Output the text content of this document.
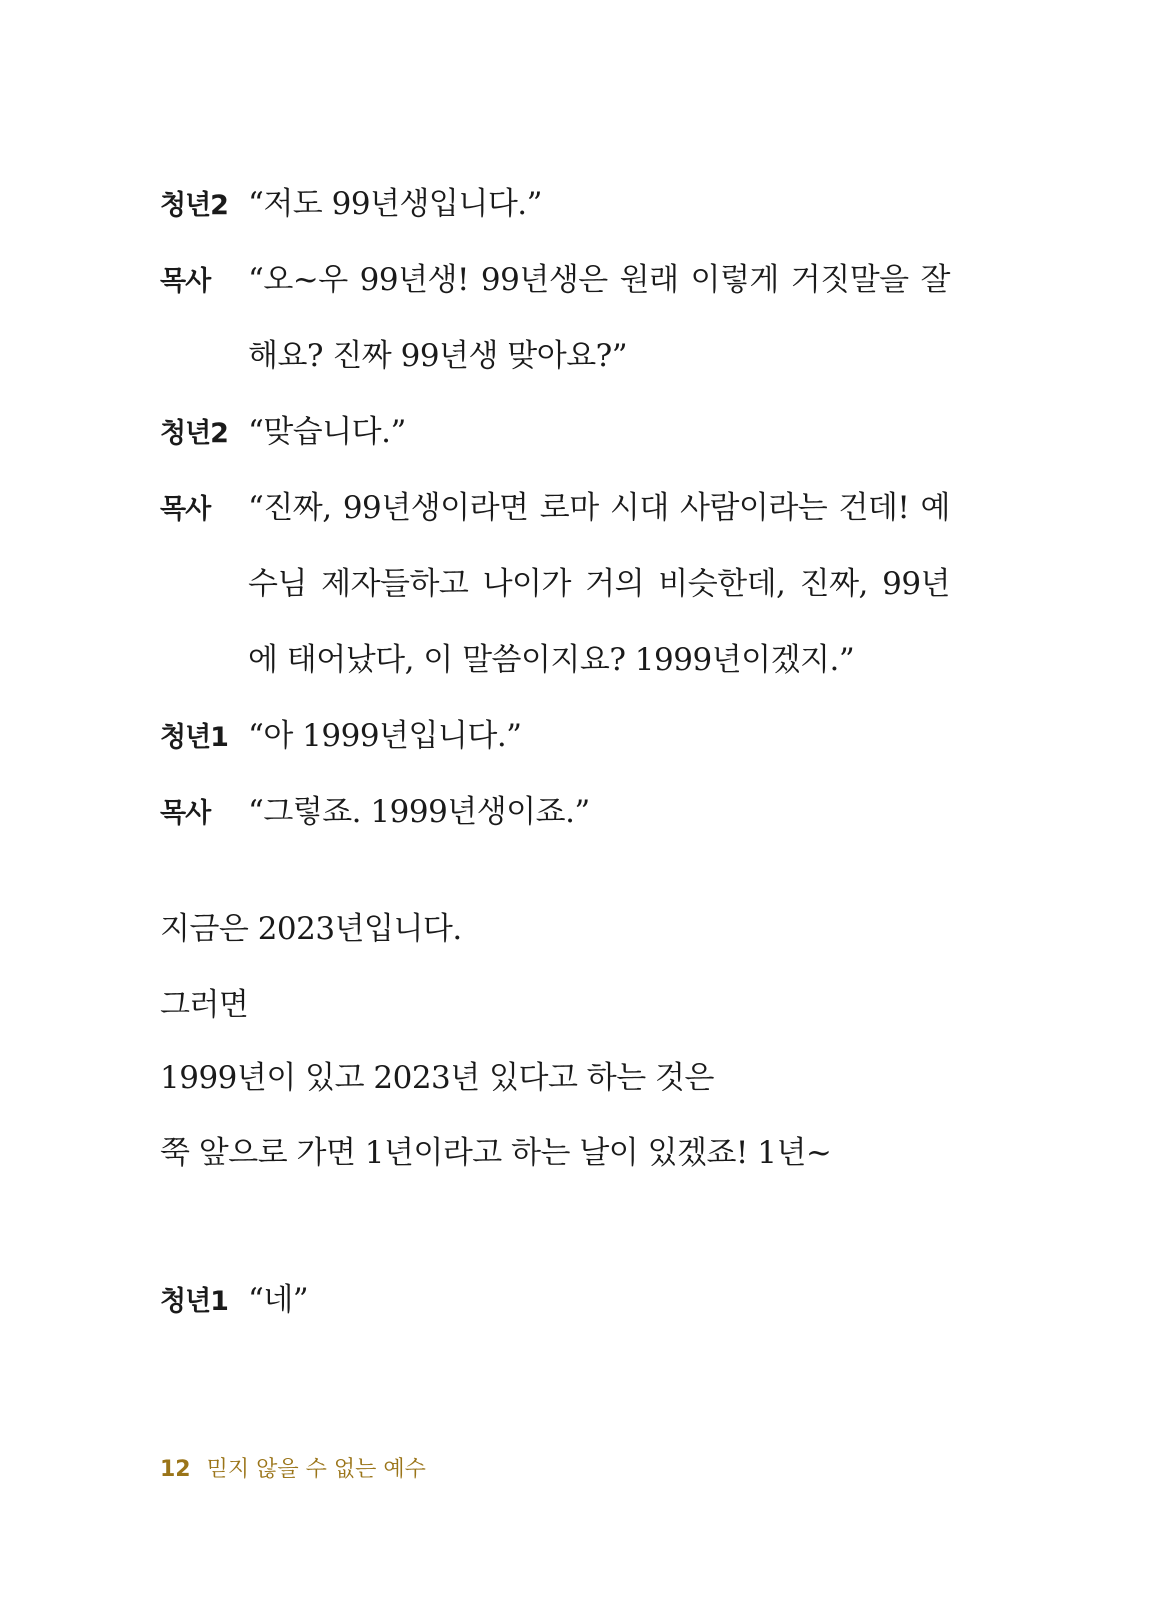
청년2 “저도 99년생입니다.”
목사	“오~우 99년생! 99년생은 원래 이렇게 거짓말을 잘 해요? 진짜 99년생 맞아요?”
청년2 “맞습니다.”
목사	“진짜, 99년생이라면 로마 시대 사람이라는 건데! 예수님 제자들하고 나이가 거의 비슷한데, 진짜, 99년에 태어났다, 이 말씀이지요? 1999년이겠지.”
청년1 “아 1999년입니다.”
목사	“그렇죠. 1999년생이죠.”
지금은 2023년입니다.
그러면
1999년이 있고 2023년 있다고 하는 것은
쭉 앞으로 가면 1년이라고 하는 날이 있겠죠! 1년~
청년1 “네”
12 믿지 않을 수 없는 예수
